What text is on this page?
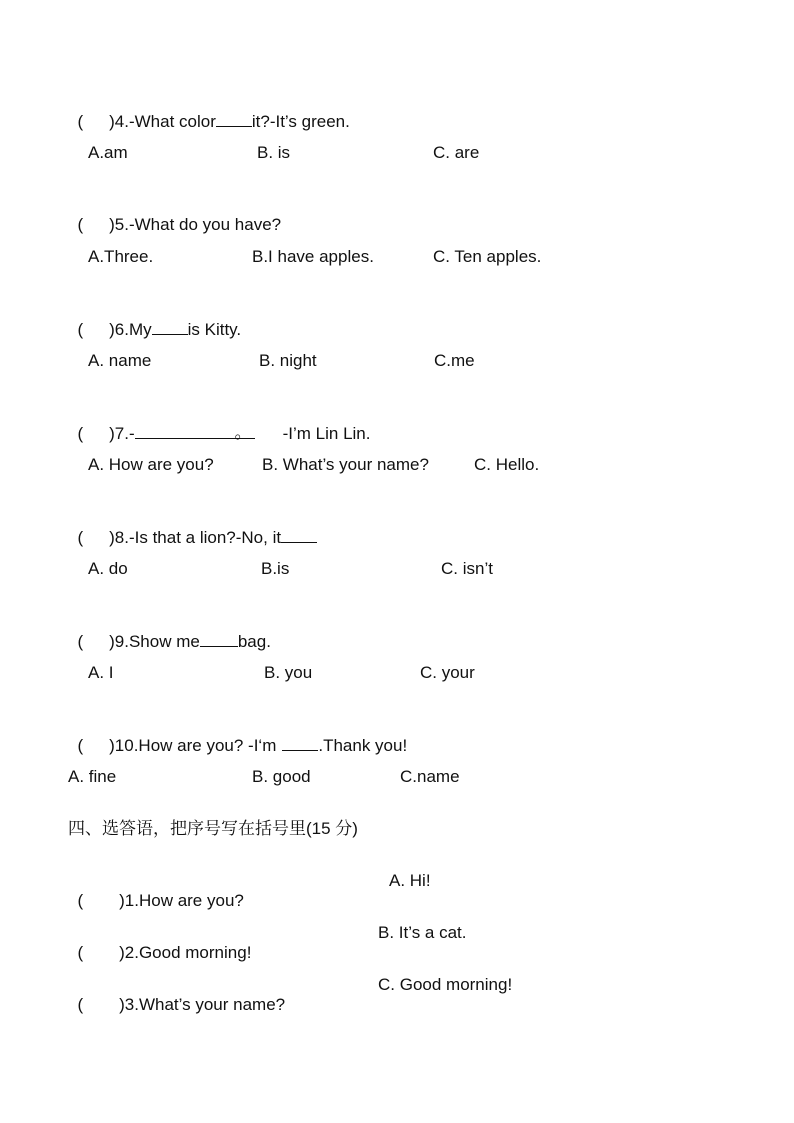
( )4.-What color it?-It’s green.

A.am	B. is	C. are

( )5.-What do you have?

A.Three.	B.I have apples.	C. Ten apples.

( )6.My is Kitty.

A. name	B. night	C.me

( )7.-	。 -I’m Lin Lin.

A. How are you?	B. What’s your name?	C. Hello.

( )8.-Is that a lion?-No, it

A. do	B.is	C. isn’t

( )9.Show me bag.

A. I	B. you	C. your

( )10.How are you? -I‘m .Thank you!

A. fine	B. good	C.name
四、选答语，把序号写在括号里(15 分)

( )1.How are you?

A. Hi!

( )2.Good morning!

B. It’s a cat.

( )3.What’s your name?

C. Good morning!
